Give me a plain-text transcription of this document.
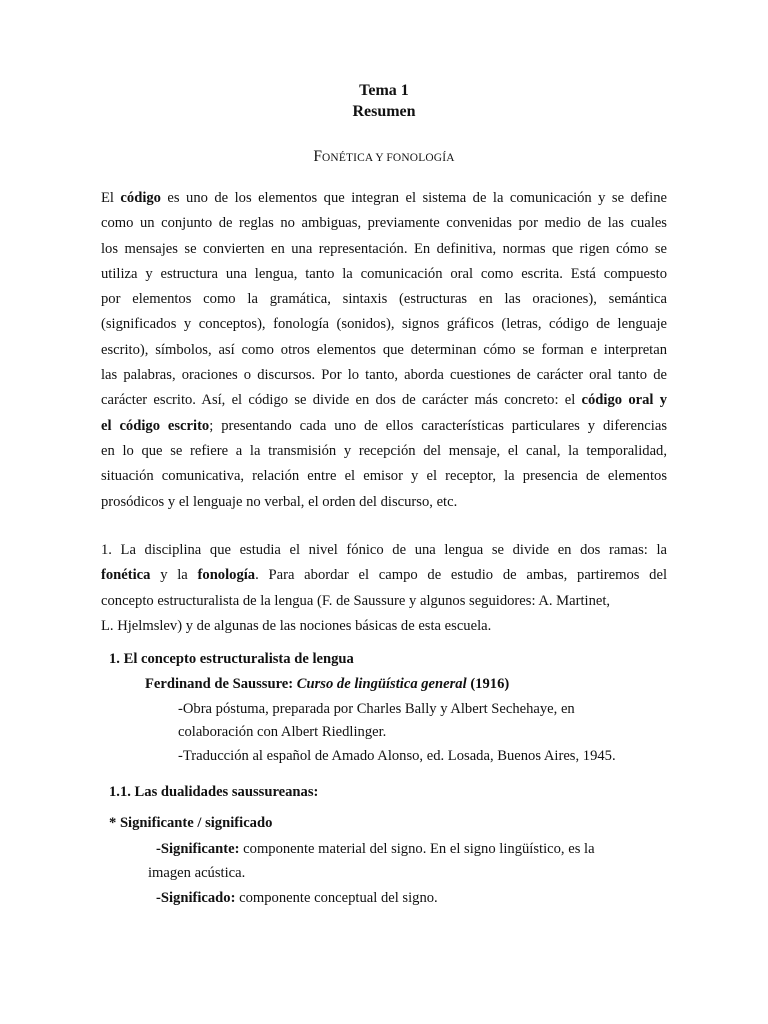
Tema 1
Resumen
FONÉTICA Y FONOLOGÍA
El código es uno de los elementos que integran el sistema de la comunicación y se define
como un conjunto de reglas no ambiguas, previamente convenidas por medio de las cuales
los mensajes se convierten en una representación. En definitiva, normas que rigen cómo se
utiliza y estructura una lengua, tanto la comunicación oral como escrita. Está compuesto
por elementos como la gramática, sintaxis (estructuras en las oraciones), semántica
(significados y conceptos), fonología (sonidos), signos gráficos (letras, código de lenguaje
escrito), símbolos, así como otros elementos que determinan cómo se forman e interpretan
las palabras, oraciones o discursos. Por lo tanto, aborda cuestiones de carácter oral tanto de
carácter escrito. Así, el código se divide en dos de carácter más concreto: el código oral y
el código escrito; presentando cada uno de ellos características particulares y diferencias
en lo que se refiere a la transmisión y recepción del mensaje, el canal, la temporalidad,
situación comunicativa, relación entre el emisor y el receptor, la presencia de elementos
prosódicos y el lenguaje no verbal, el orden del discurso, etc.
1. La disciplina que estudia el nivel fónico de una lengua se divide en dos ramas: la
fonética y la fonología. Para abordar el campo de estudio de ambas, partiremos del
concepto estructuralista de la lengua (F. de Saussure y algunos seguidores: A. Martinet,
L. Hjelmslev) y de algunas de las nociones básicas de esta escuela.
1. El concepto estructuralista de lengua
Ferdinand de Saussure: Curso de lingüística general (1916)
-Obra póstuma, preparada por Charles Bally y Albert Sechehaye, en
colaboración con Albert Riedlinger.
-Traducción al español de Amado Alonso, ed. Losada, Buenos Aires, 1945.
1.1. Las dualidades saussureanas:
* Significante / significado
-Significante: componente material del signo. En el signo lingüístico, es la
imagen acústica.
-Significado: componente conceptual del signo.
